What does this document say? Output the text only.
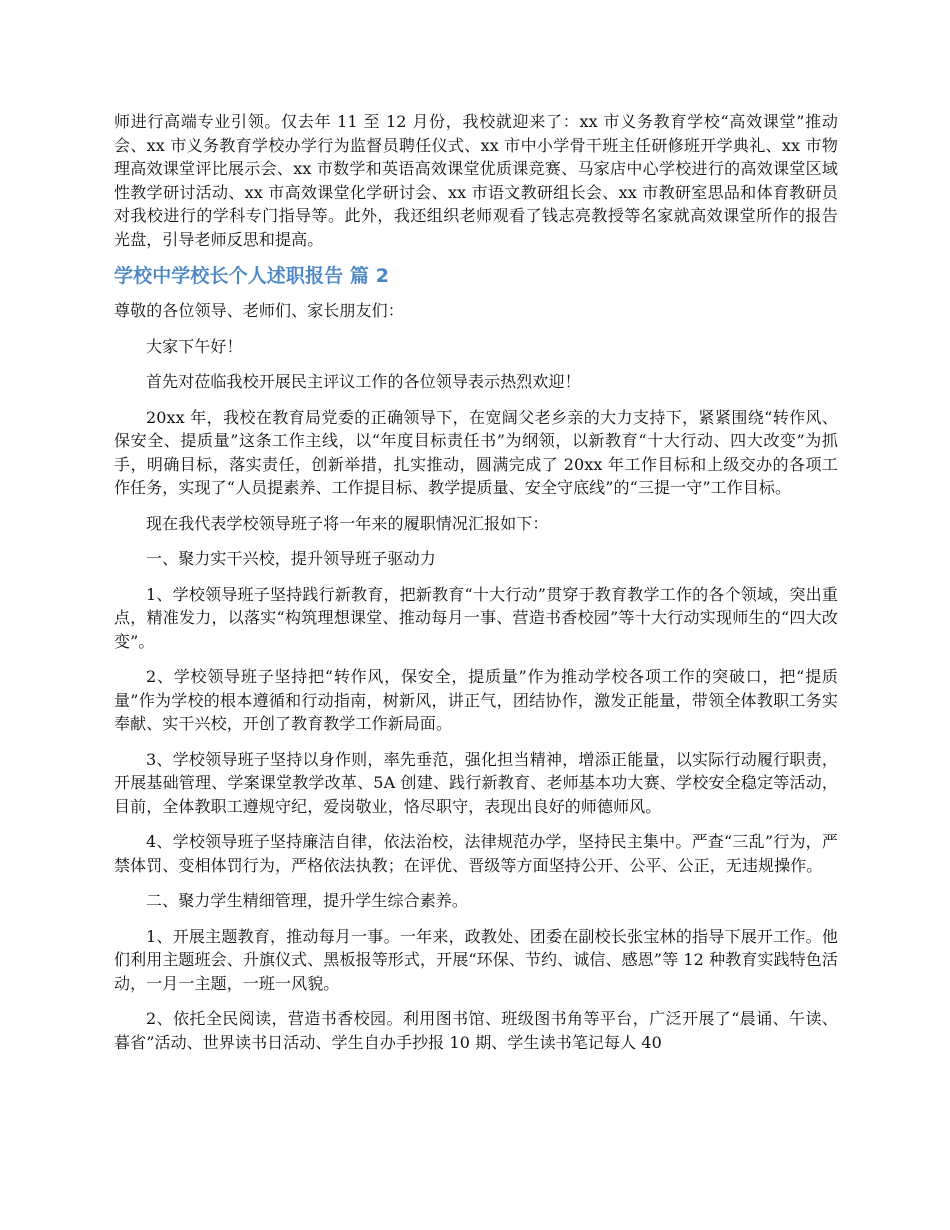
师进行高端专业引领。仅去年 11 至 12 月份，我校就迎来了：xx 市义务教育学校“高效课堂”推动会、xx 市义务教育学校办学行为监督员聘任仪式、xx 市中小学骨干班主任研修班开学典礼、xx 市物理高效课堂评比展示会、xx 市数学和英语高效课堂优质课竞赛、马家店中心学校进行的高效课堂区域性教学研讨活动、xx 市高效课堂化学研讨会、xx 市语文教研组长会、xx 市教研室思品和体育教研员对我校进行的学科专门指导等。此外，我还组织老师观看了钱志亮教授等名家就高效课堂所作的报告光盘，引导老师反思和提高。

学校中学校长个人述职报告 篇 2

尊敬的各位领导、老师们、家长朋友们：

大家下午好！

首先对莅临我校开展民主评议工作的各位领导表示热烈欢迎！

20xx 年，我校在教育局党委的正确领导下，在宽阔父老乡亲的大力支持下，紧紧围绕“转作风、保安全、提质量”这条工作主线，以“年度目标责任书”为纲领，以新教育“十大行动、四大改变”为抓手，明确目标，落实责任，创新举措，扎实推动，圆满完成了 20xx 年工作目标和上级交办的各项工作任务，实现了“人员提素养、工作提目标、教学提质量、安全守底线”的“三提一守”工作目标。

现在我代表学校领导班子将一年来的履职情况汇报如下：

一、聚力实干兴校，提升领导班子驱动力

1、学校领导班子坚持践行新教育，把新教育“十大行动”贯穿于教育教学工作的各个领域，突出重点，精准发力，以落实“构筑理想课堂、推动每月一事、营造书香校园”等十大行动实现师生的“四大改变”。

2、学校领导班子坚持把“转作风，保安全，提质量”作为推动学校各项工作的突破口，把“提质量”作为学校的根本遵循和行动指南，树新风，讲正气，团结协作，激发正能量，带领全体教职工务实奉献、实干兴校，开创了教育教学工作新局面。

3、学校领导班子坚持以身作则，率先垂范，强化担当精神，增添正能量，以实际行动履行职责，开展基础管理、学案课堂教学改革、5A 创建、践行新教育、老师基本功大赛、学校安全稳定等活动，目前，全体教职工遵规守纪，爱岗敬业，恪尽职守，表现出良好的师德师风。

4、学校领导班子坚持廉洁自律，依法治校，法律规范办学，坚持民主集中。严查“三乱”行为，严禁体罚、变相体罚行为，严格依法执教；在评优、晋级等方面坚持公开、公平、公正，无违规操作。

二、聚力学生精细管理，提升学生综合素养。

1、开展主题教育，推动每月一事。一年来，政教处、团委在副校长张宝林的指导下展开工作。他们利用主题班会、升旗仪式、黑板报等形式，开展“环保、节约、诚信、感恩”等 12 种教育实践特色活动，一月一主题，一班一风貌。

2、依托全民阅读，营造书香校园。利用图书馆、班级图书角等平台，广泛开展了“晨诵、午读、暮省”活动、世界读书日活动、学生自办手抄报 10 期、学生读书笔记每人 40
